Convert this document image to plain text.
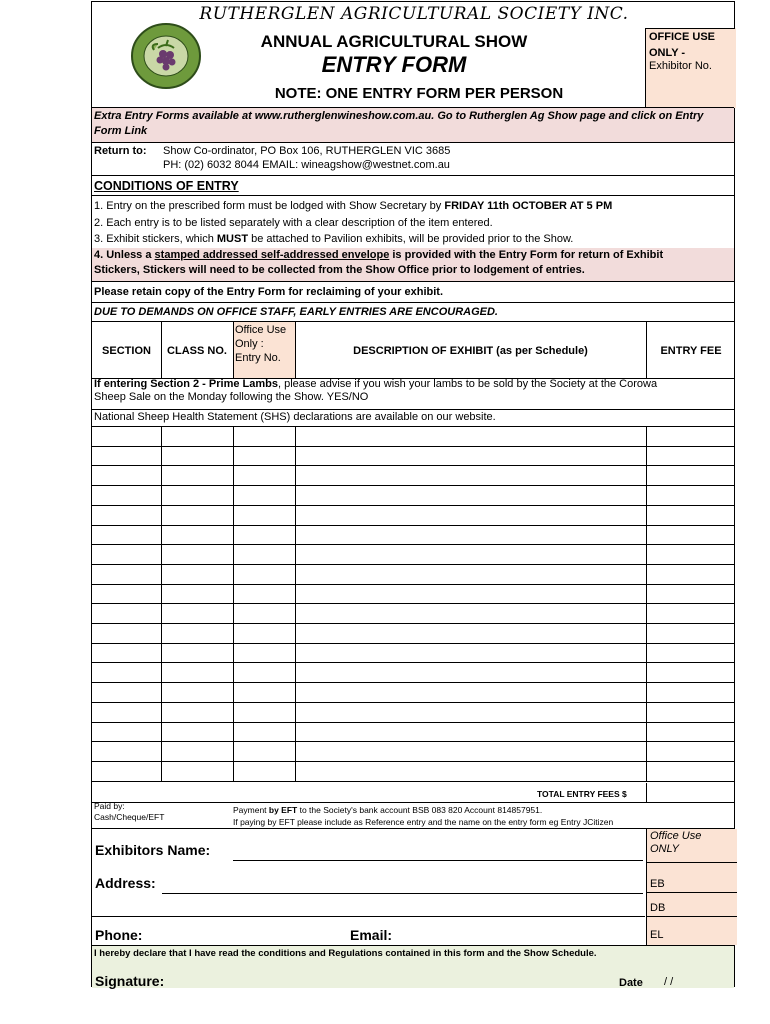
RUTHERGLEN AGRICULTURAL SOCIETY INC.
ANNUAL AGRICULTURAL SHOW
ENTRY FORM
NOTE: ONE ENTRY FORM PER PERSON
OFFICE USE
ONLY -
Exhibitor No.
Extra Entry Forms available at www.rutherglenwineshow.com.au. Go to Rutherglen Ag Show page and click on Entry Form Link
Return to: Show Co-ordinator, PO Box 106, RUTHERGLEN VIC 3685
PH: (02) 6032 8044 EMAIL: wineagshow@westnet.com.au
CONDITIONS OF ENTRY
1. Entry on the prescribed form must be lodged with Show Secretary by FRIDAY 11th OCTOBER AT 5 PM
2. Each entry is to be listed separately with a clear description of the item entered.
3. Exhibit stickers, which MUST be attached to Pavilion exhibits, will be provided prior to the Show.
4. Unless a stamped addressed self-addressed envelope is provided with the Entry Form for return of Exhibit
Stickers, Stickers will need to be collected from the Show Office prior to lodgement of entries.
Please retain copy of the Entry Form for reclaiming of your exhibit.
DUE TO DEMANDS ON OFFICE STAFF, EARLY ENTRIES ARE ENCOURAGED.
SECTION	CLASS NO.
Office Use
Only :
Entry No.
DESCRIPTION OF EXHIBIT (as per Schedule)	ENTRY FEE
If entering Section 2 - Prime Lambs, please advise if you wish your lambs to be sold by the Society at the Corowa
Sheep Sale on the Monday following the Show. YES/NO
National Sheep Health Statement (SHS) declarations are available on our website.
TOTAL ENTRY FEES $
Paid by:
Cash/Cheque/EFT
Payment by EFT to the Society's bank account BSB 083 820 Account 814857951.
If paying by EFT please include as Reference entry and the name on the entry form eg Entry JCitizen
Office Use
ONLY
EB
DB
EL
Exhibitors Name:
Address:
Phone:	Email:
I hereby declare that I have read the conditions and Regulations contained in this form and the Show Schedule.
Signature:	Date / /
